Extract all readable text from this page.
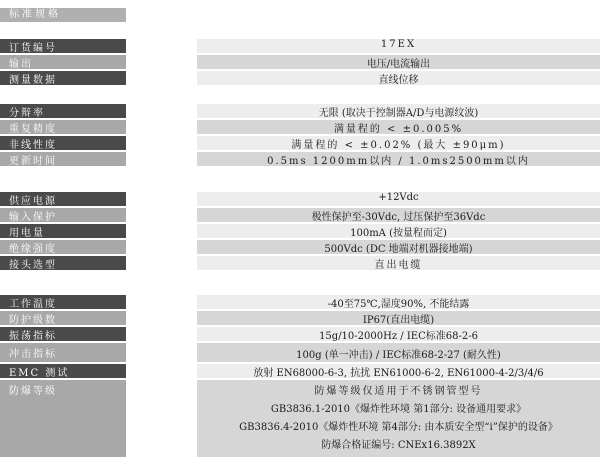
标准规格
订货编号	17EX
输出	电压/电流输出
测量数据	直线位移
分辩率	无限 (取决于控制器A/D与电源纹波)
重复精度	满量程的 < ±0.005%
非线性度	满量程的 < ±0.02% (最大 ±90μm)
更新时间	0.5ms 1200mm以内 / 1.0ms2500mm以内
供应电源	+12Vdc
输入保护	极性保护至-30Vdc, 过压保护至36Vdc
用电量	100mA (按量程而定)
绝缘强度	500Vdc (DC 地端对机器接地端)
接头选型	直出电缆
工作温度	-40至75℃,湿度90%, 不能结露
防护级数	IP67(直出电缆)
振荡指标	15g/10-2000Hz / IEC标准68-2-6
冲击指标	100g (单一冲击) / IEC标准68-2-27 (耐久性)
EMC 测试	放射 EN68000-6-3, 抗扰 EN61000-6-2, EN61000-4-2/3/4/6
防爆等级	防爆等级仅适用于不锈钢管型号
GB3836.1-2010《爆炸性环境 第1部分: 设备通用要求》
GB3836.4-2010《爆炸性环境 第4部分: 由本质安全型“i”保护的设备》
防爆合格证编号: CNEx16.3892X
